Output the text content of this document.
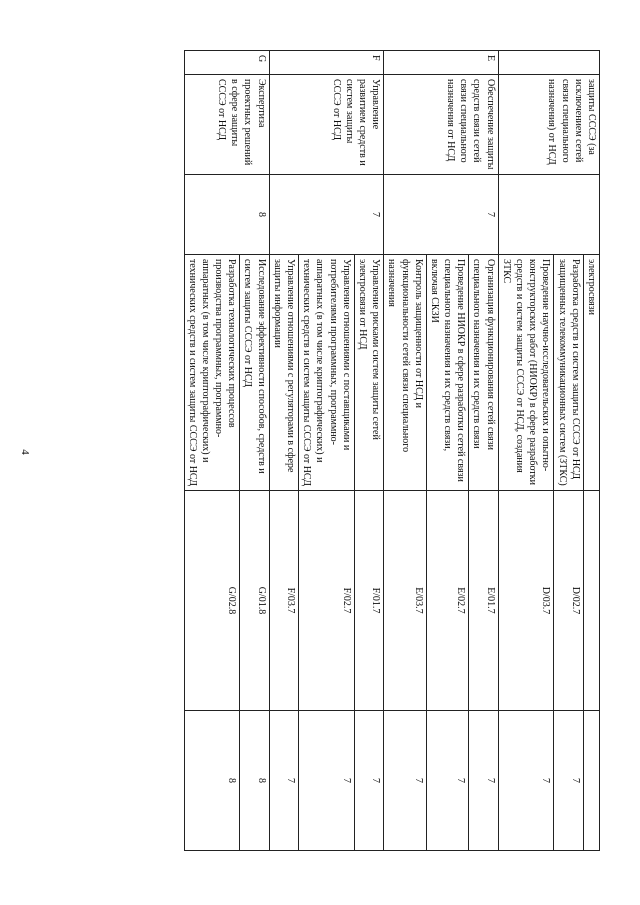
4
	защиты СССЭ (за исключением сетей связи специального назначения) от НСД		электросвязи		
			Разработка средств и систем защиты СССЭ от НСД защищенных телекоммуникационных систем (ЗТКС)	D/02.7	7
			Проведение научно-исследовательских и опытно-конструкторских работ (НИОКР) в сфере разработки средств и систем защиты СССЭ от НСД, создания ЗТКС	D/03.7	7
E	Обеспечение защиты средств связи сетей связи специального назначения от НСД	7	Организация функционирования сетей связи специального назначения и их средств связи	E/01.7	7
			Проведение НИОКР в сфере разработки сетей связи специального назначения и их средств связи, включая СКЗИ	E/02.7	7
			Контроль защищенности от НСД и функциональности сетей связи специального назначения	E/03.7	7
F	Управление развитием средств и систем защиты СССЭ от НСД	7	Управление рисками систем защиты сетей электросвязи от НСД	F/01.7	7
			Управление отношениями с поставщиками и потребителями программных, программно-аппаратных (в том числе криптографических) и технических средств и систем защиты СССЭ от НСД	F/02.7	7
			Управление отношениями с регуляторами в сфере защиты информации	F/03.7	7
G	Экспертиза проектных решений в сфере защиты СССЭ от НСД	8	Исследование эффективности способов, средств и систем защиты СССЭ от НСД	G/01.8	8
			Разработка технологических процессов производства программных, программно-аппаратных (в том числе криптографических) и технических средств и систем защиты СССЭ от НСД	G/02.8	8
